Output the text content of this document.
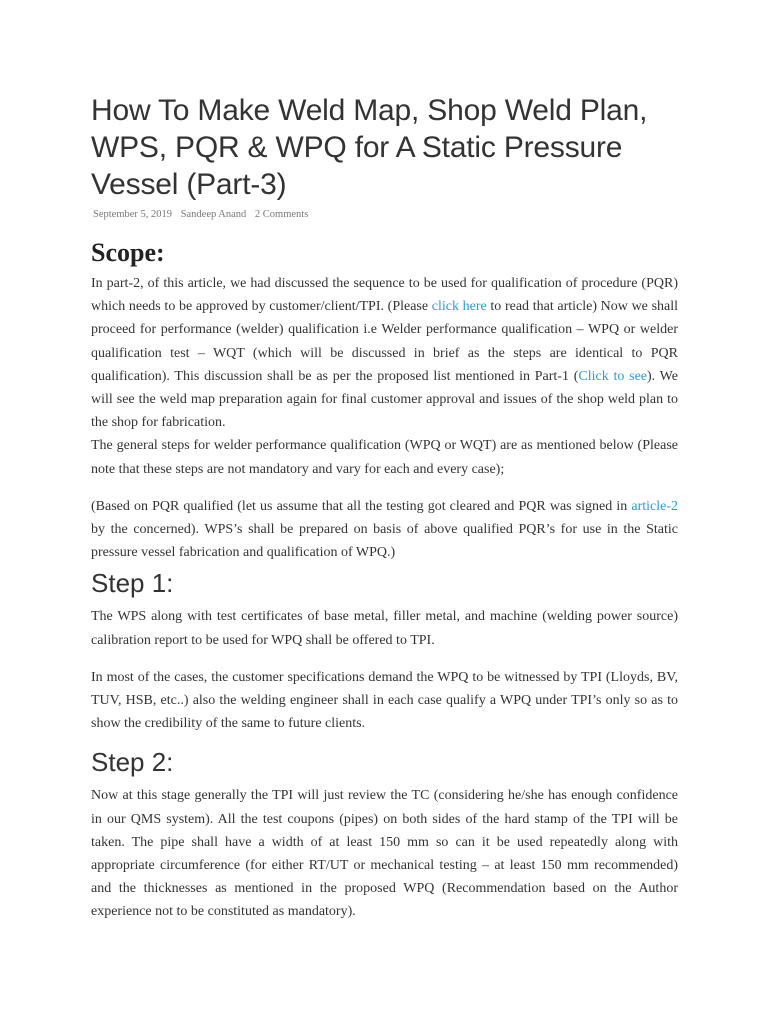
How To Make Weld Map, Shop Weld Plan, WPS, PQR & WPQ for A Static Pressure Vessel (Part-3)
September 5, 2019 Sandeep Anand 2 Comments
Scope:

In part-2, of this article, we had discussed the sequence to be used for qualification of procedure (PQR) which needs to be approved by customer/client/TPI. (Please click here to read that article) Now we shall proceed for performance (welder) qualification i.e Welder performance qualification – WPQ or welder qualification test – WQT (which will be discussed in brief as the steps are identical to PQR qualification). This discussion shall be as per the proposed list mentioned in Part-1 (Click to see). We will see the weld map preparation again for final customer approval and issues of the shop weld plan to the shop for fabrication.

The general steps for welder performance qualification (WPQ or WQT) are as mentioned below (Please note that these steps are not mandatory and vary for each and every case);

(Based on PQR qualified (let us assume that all the testing got cleared and PQR was signed in article-2 by the concerned). WPS’s shall be prepared on basis of above qualified PQR’s for use in the Static pressure vessel fabrication and qualification of WPQ.)

Step 1:

The WPS along with test certificates of base metal, filler metal, and machine (welding power source) calibration report to be used for WPQ shall be offered to TPI.

In most of the cases, the customer specifications demand the WPQ to be witnessed by TPI (Lloyds, BV, TUV, HSB, etc..) also the welding engineer shall in each case qualify a WPQ under TPI’s only so as to show the credibility of the same to future clients.

Step 2:

Now at this stage generally the TPI will just review the TC (considering he/she has enough confidence in our QMS system). All the test coupons (pipes) on both sides of the hard stamp of the TPI will be taken. The pipe shall have a width of at least 150 mm so can it be used repeatedly along with appropriate circumference (for either RT/UT or mechanical testing – at least 150 mm recommended) and the thicknesses as mentioned in the proposed WPQ (Recommendation based on the Author experience not to be constituted as mandatory).
